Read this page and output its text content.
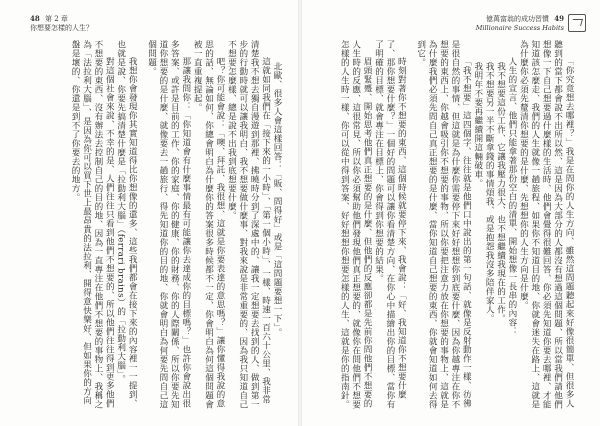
48 第 2 章
你想要怎樣的人生？

北歐、很多人會這樣回答：「販、問得好」或是「這問題要想一下」。

這就如同我們在「接下來的一小時」、「第一個小時」、一樣、時速一百六十公里、我非常清楚我不想去獨自漫遊到那裡、拂曉時分到了深處中的、讓我一定想要去找到的人、做到第一步的行動時就可以讓我明白、我不想要做什麼事、對我來說是非常重要的、因為我只知道自己不想要怎麼樣、總是說不出我到底想要什麼。

吧？你可能會說：「噢、拜託、我很想、這就是你要表達的意思嗎？」讓你懂得我說的意思的話、無論如何、你總會明白為什麼你的答案很多時候都不一定、你會明白為何這個問題會被一直重複提起。

那讓我問你：「你知道會有什麼事情最有可能讓你去達成你的目標嗎？」也許你會說出很多答案、或許是目前的工作、你的家庭、你的健康、你的財務、你的人際關係、所以你要先知道你想要的是什麼、就像要去一趟旅行、得先知道你的目的地、你就會明白為何要先問自己這個問題。

我想你會發現你其實知道得比你想像的還多、這些我們都會在接下來的內容裡一一提到、也就是說、你要先搞清楚什麼是「拉動利大腦」（ferrari brains）的「拉動利大腦」。

對這個社會來說、不幸的是、人們往往只看到他們不想要的、所以他們往往得到更多他們不想要的東西、沒有辦法去控制自己的目的地、因為一直專注在他們不想要的事物上、我稱之為「法拉利大腦」、是因為你可以買下世上最昂貴的法拉利、開得意快樂好、但如果你的方向盤是壞的、你還是到不了你要去的地方。

億萬富翁的成功習慣 49
Millionaire Success Habits

「你究竟想去哪裡？」我是在問你的人生方向、雖然這問題聽起來好像很簡單、但很多人聽到的當下都會說不出所以然、這是因為大部分的人都沒有想過這個問題、所以當我們請他們想像一下自己想要過什麼樣的生活時、他們會覺得很難回答、你必須先知道你要去哪裡、才能知道該怎麼走、我們的人生就像一趟旅程、如果你不知道目的地、你就會迷失在路上、這就是為什麼你必須先釐清你想要的是什麼、先想想你的人生方向是什麼。

人生的宣言、他們只能拿著那份空白的清單、開始想像一長串的內容：

我不想要這份工作、它讓我壓力很大、也不想繼續我現在的工作。

我不想要另一半不斷拿錢的事情煩我、或是抱怨我沒多陪伴家人。

我明年不要再繼續開這輛破車。

「我不想要」這四個字、往往就是他們口中說出的第一句話、就像是反射動作一樣、彷彿是很自然的事情、但這就是為什麼你需要停下來好好想想你到底要什麼、因為你越專注在你不想要的東西上、你越會吸引你不想要的事物、所以你要把注意力放在你想要的事物上、這就是為什麼我們必須先問自己真正想要的是什麼、當你知道自己想要的東西、你就會知道如何去得到它。

時刻對著你不想要的東西、這個時候就要停下來、我會說：「好、我知道你不想要什麼了、那你想要什麼？」一個好的問題可以讓你看清楚方向、在你心中描繪出你的目標、當你有了明確的目標、就會專注在目標上、你會得到你想要的結果。

眉頭緊蹙、開始思考他們真正想要的是什麼、但他們的反應卻都是先前你問他們不想要的人生時的反應、這很常見、所以你必須幫助他們發現他們真正想要的、就像你在問他們不想要怎樣的人生時一樣、你可以從中得到答案、好好想想你想要怎樣的人生、這就是你的指南針。
